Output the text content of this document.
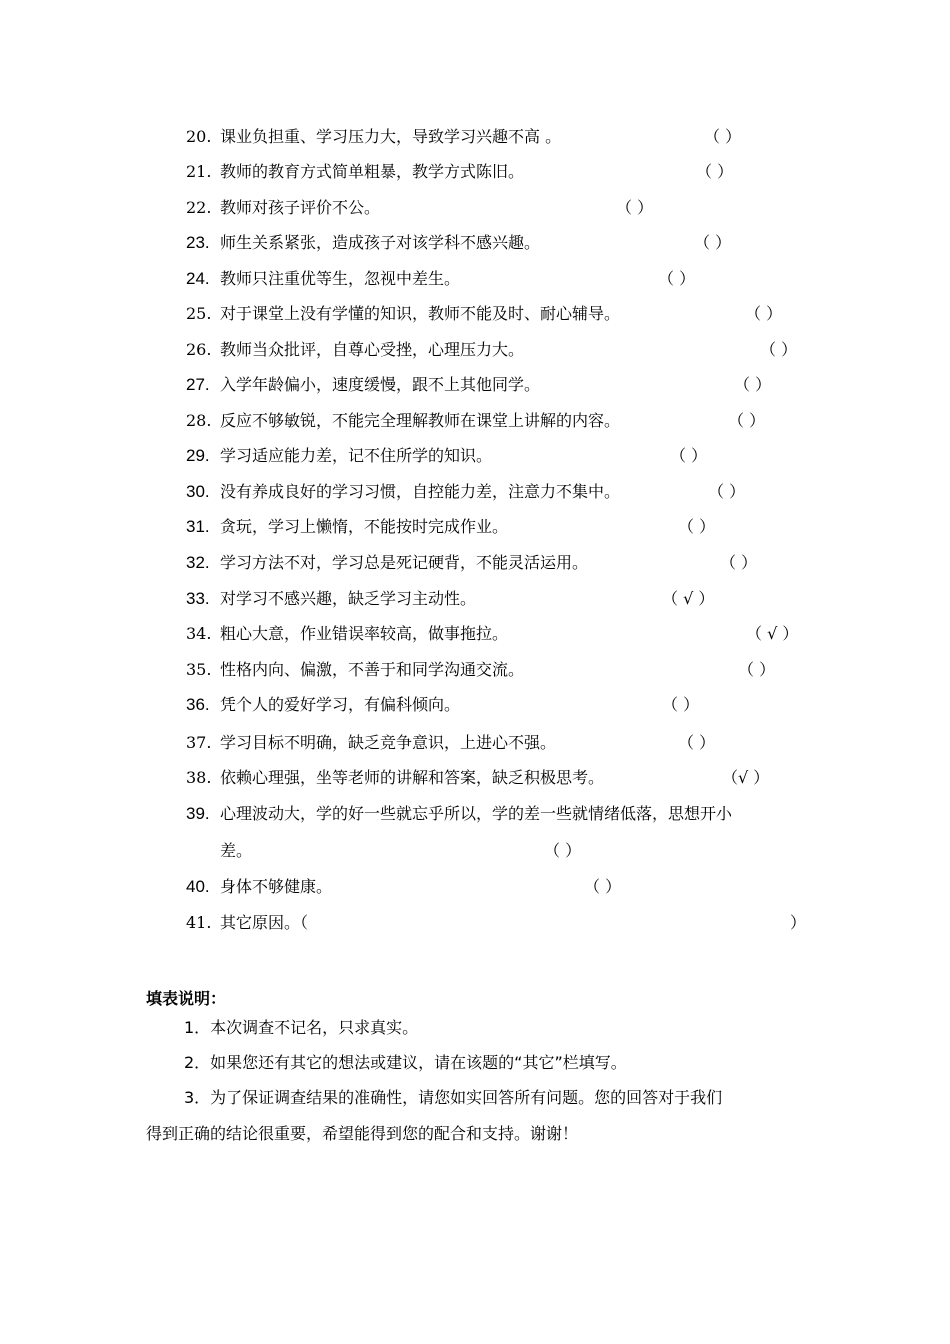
20. 课业负担重、学习压力大，导致学习兴趣不高 。	（ ）
21. 教师的教育方式简单粗暴，教学方式陈旧。	（ ）
22. 教师对孩子评价不公。	（ ）
23. 师生关系紧张，造成孩子对该学科不感兴趣。	（ ）
24. 教师只注重优等生，忽视中差生。	（ ）
25. 对于课堂上没有学懂的知识，教师不能及时、耐心辅导。	（ ）
26. 教师当众批评，自尊心受挫，心理压力大。	（ ）
27. 入学年龄偏小，速度缓慢，跟不上其他同学。	（ ）
28. 反应不够敏锐，不能完全理解教师在课堂上讲解的内容。	（ ）
29. 学习适应能力差，记不住所学的知识。	（ ）
30. 没有养成良好的学习习惯，自控能力差，注意力不集中。	（ ）
31. 贪玩，学习上懒惰，不能按时完成作业。	（ ）
32. 学习方法不对，学习总是死记硬背，不能灵活运用。	（ ）
33. 对学习不感兴趣，缺乏学习主动性。	（ √ ）
34. 粗心大意，作业错误率较高，做事拖拉。	（ √ ）
35. 性格内向、偏激，不善于和同学沟通交流。	（ ）
36. 凭个人的爱好学习，有偏科倾向。	（ ）
37. 学习目标不明确，缺乏竞争意识，上进心不强。	（ ）
38. 依赖心理强，坐等老师的讲解和答案，缺乏积极思考。	（√ ）
39. 心理波动大，学的好一些就忘乎所以，学的差一些就情绪低落，思想开小
差。	（ ）
40. 身体不够健康。	（ ）
41. 其它原因。（	）
填表说明：
1．本次调查不记名，只求真实。
2．如果您还有其它的想法或建议，请在该题的“其它”栏填写。
3．为了保证调查结果的准确性，请您如实回答所有问题。您的回答对于我们
得到正确的结论很重要，希望能得到您的配合和支持。谢谢！
